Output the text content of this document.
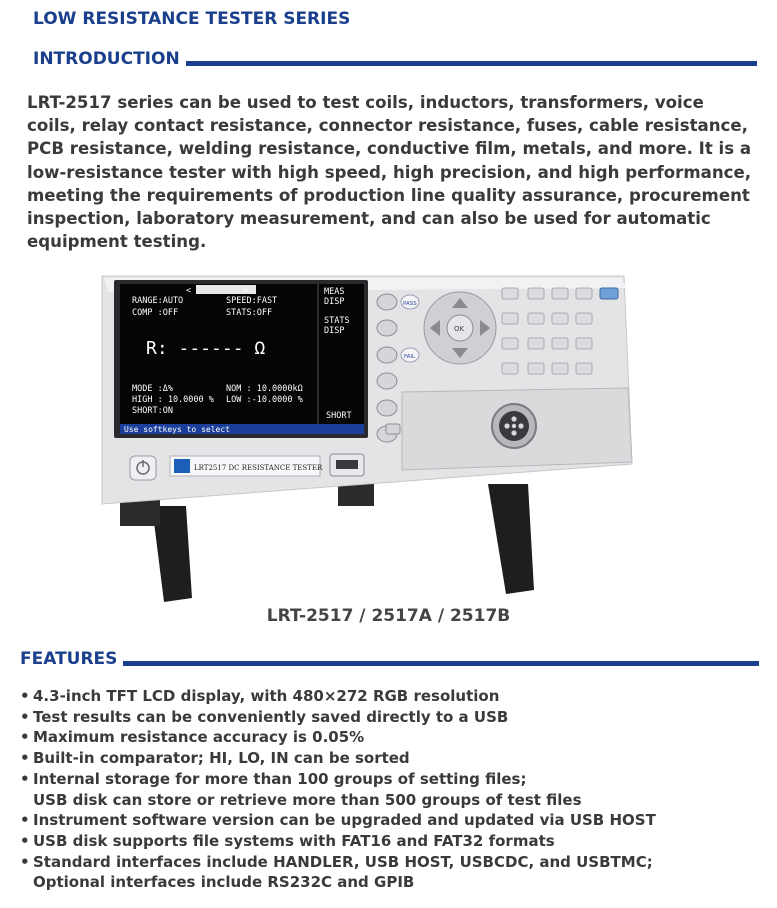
LOW RESISTANCE TESTER SERIES
INTRODUCTION

LRT-2517 series can be used to test coils, inductors, transformers, voice coils, relay contact resistance, connector resistance, fuses, cable resistance, PCB resistance, welding resistance, conductive film, metals, and more. It is a low-resistance tester with high speed, high precision, and high performance, meeting the requirements of production line quality assurance, procurement inspection, laboratory measurement, and can also be used for automatic equipment testing.

<	>
RANGE:AUTO	SPEED:FAST
COMP :OFF	STATS:OFF
R: ------ Ω
MODE :Δ%	NOM : 10.0000kΩ
HIGH : 10.0000 % LOW :-10.0000 %
SHORT:ON
MEAS
DISP
STATS
DISP
SHORT
Use softkeys to select
PASS
FAIL
OK
LRT2517 DC RESISTANCE TESTER
LRT-2517 / 2517A / 2517B
FEATURES
• 4.3-inch TFT LCD display, with 480×272 RGB resolution
• Test results can be conveniently saved directly to a USB
• Maximum resistance accuracy is 0.05%
• Built-in comparator; HI, LO, IN can be sorted
• Internal storage for more than 100 groups of setting files;
USB disk can store or retrieve more than 500 groups of test files
• Instrument software version can be upgraded and updated via USB HOST
• USB disk supports file systems with FAT16 and FAT32 formats
• Standard interfaces include HANDLER, USB HOST, USBCDC, and USBTMC;
Optional interfaces include RS232C and GPIB
